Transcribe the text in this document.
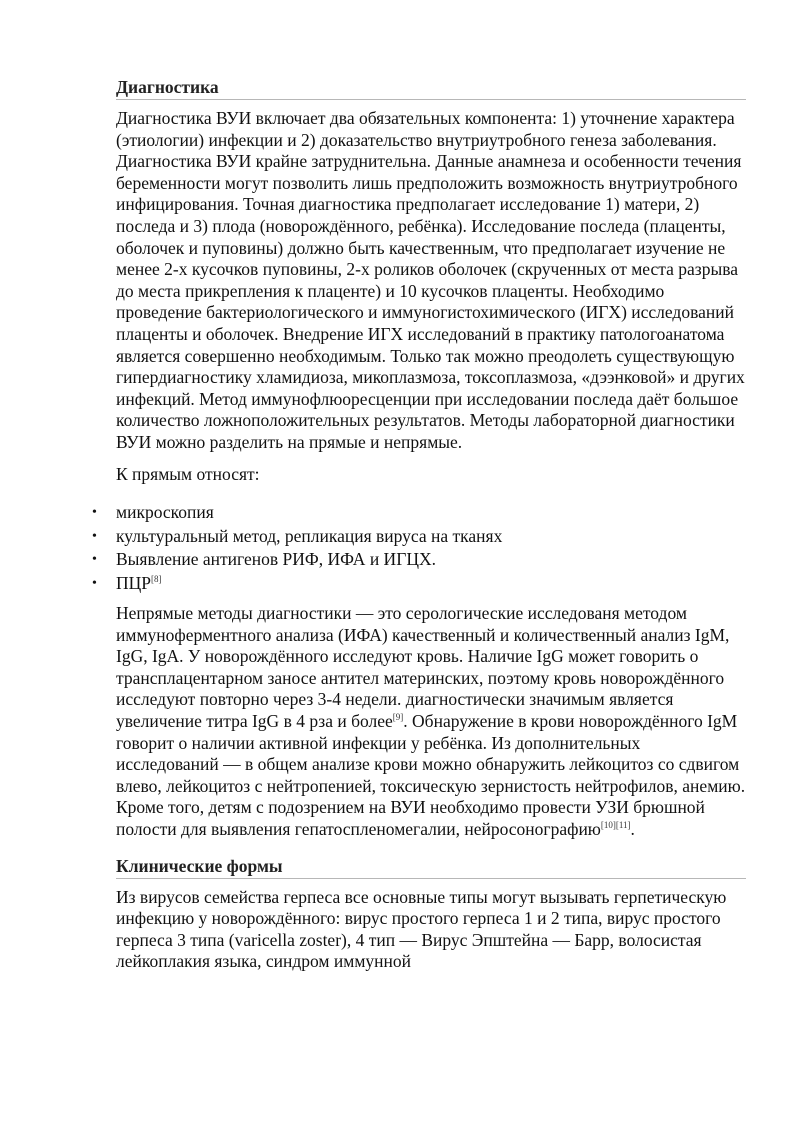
Диагностика

Диагностика ВУИ включает два обязательных компонента: 1) уточнение характера (этиологии) инфекции и 2) доказательство внутриутробного генеза заболевания. Диагностика ВУИ крайне затруднительна. Данные анамнеза и особенности течения беременности могут позволить лишь предположить возможность внутриутробного инфицирования. Точная диагностика предполагает исследование 1) матери, 2) последа и 3) плода (новорождённого, ребёнка). Исследование последа (плаценты, оболочек и пуповины) должно быть качественным, что предполагает изучение не менее 2-х кусочков пуповины, 2-х роликов оболочек (скрученных от места разрыва до места прикрепления к плаценте) и 10 кусочков плаценты. Необходимо проведение бактериологического и иммуногистохимического (ИГХ) исследований плаценты и оболочек. Внедрение ИГХ исследований в практику патологоанатома является совершенно необходимым. Только так можно преодолеть существующую гипердиагностику хламидиоза, микоплазмоза, токсоплазмоза, «дээнковой» и других инфекций. Метод иммунофлюоресценции при исследовании последа даёт большое количество ложноположительных результатов. Методы лабораторной диагностики ВУИ можно разделить на прямые и непрямые.

К прямым относят:

• микроскопия
• культуральный метод, репликация вируса на тканях
• Выявление антигенов РИФ, ИФА и ИГЦХ.
• ПЦР[8]

Непрямые методы диагностики — это серологические исследованя методом иммуноферментного анализа (ИФА) качественный и количественный анализ IgM, IgG, IgA. У новорождённого исследуют кровь. Наличие IgG может говорить о трансплацентарном заносе антител материнских, поэтому кровь новорождённого исследуют повторно через 3-4 недели. диагностически значимым является увеличение титра IgG в 4 рза и более[9]. Обнаружение в крови новорождённого IgM говорит о наличии активной инфекции у ребёнка. Из дополнительных исследований — в общем анализе крови можно обнаружить лейкоцитоз со сдвигом влево, лейкоцитоз с нейтропенией, токсическую зернистость нейтрофилов, анемию. Кроме того, детям с подозрением на ВУИ необходимо провести УЗИ брюшной полости для выявления гепатоспленомегалии, нейросонографию[10][11].

Клинические формы

Из вирусов семейства герпеса все основные типы могут вызывать герпетическую инфекцию у новорождённого: вирус простого герпеса 1 и 2 типа, вирус простого герпеса 3 типа (varicella zoster), 4 тип — Вирус Эпштейна — Барр, волосистая лейкоплакия языка, синдром иммунной
